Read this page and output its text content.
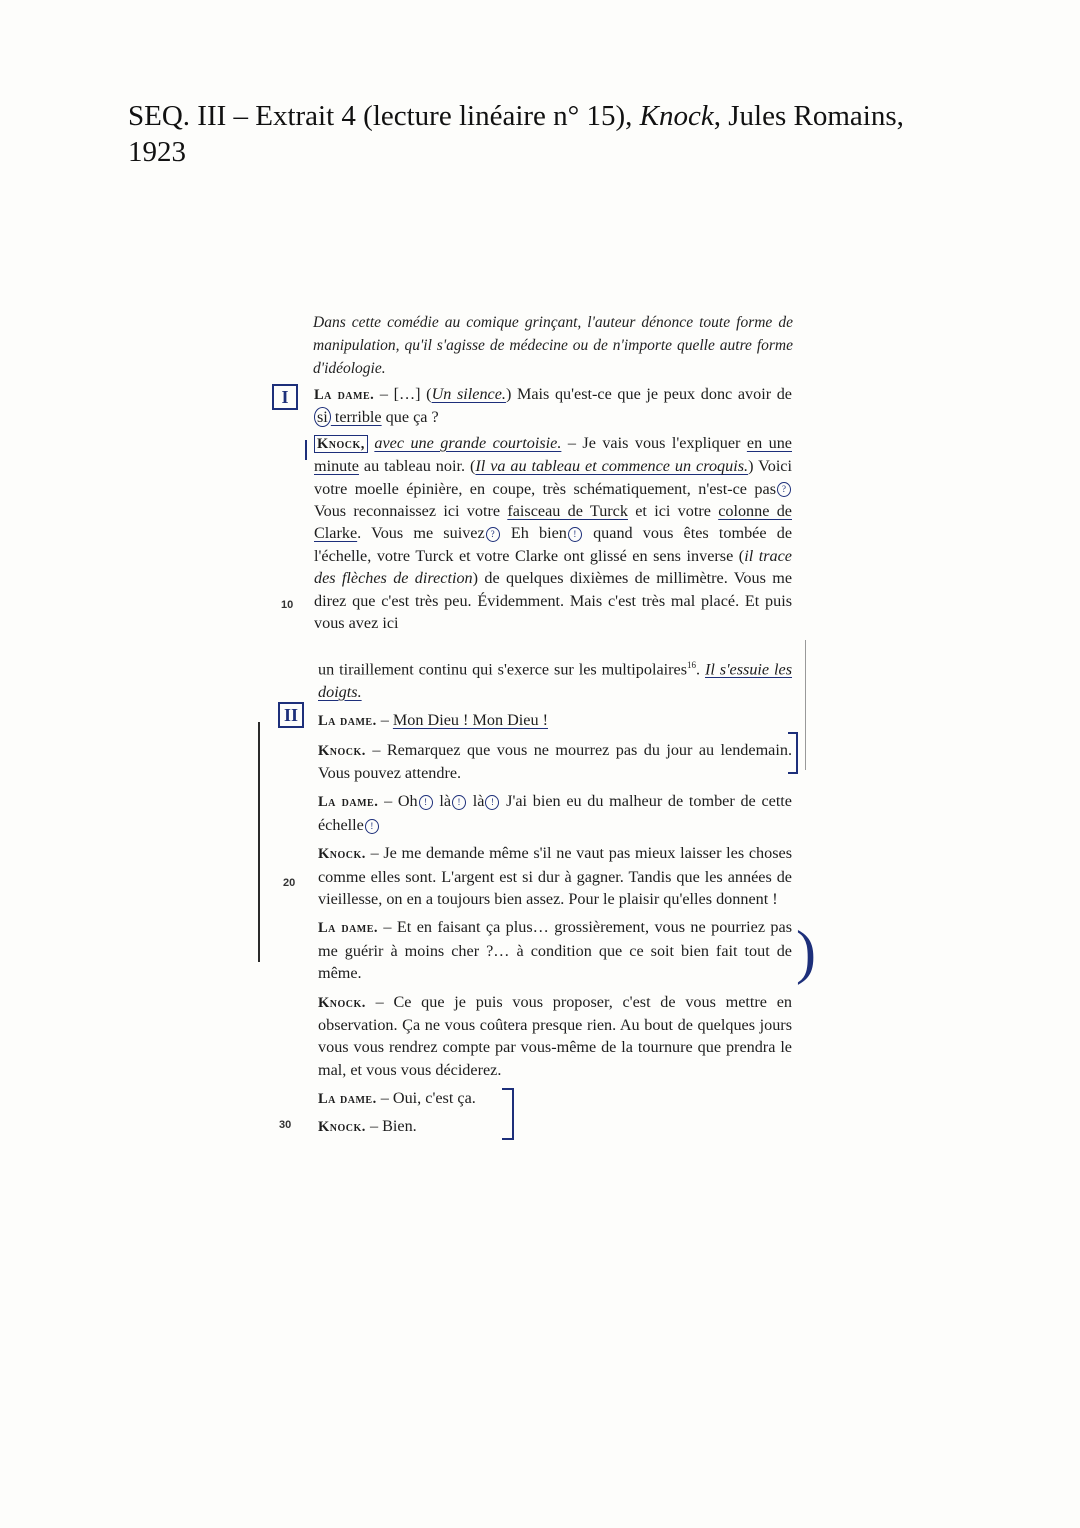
SEQ. III – Extrait 4 (lecture linéaire n° 15), Knock, Jules Romains, 1923
Dans cette comédie au comique grinçant, l'auteur dénonce toute forme de manipulation, qu'il s'agisse de médecine ou de n'importe quelle autre forme d'idéologie.
I
II
10
20
30
)
La dame. – […] (Un silence.) Mais qu'est-ce que je peux donc avoir de si terrible que ça ?
Knock, avec une grande courtoisie. – Je vais vous l'expliquer en une minute au tableau noir. (Il va au tableau et commence un croquis.) Voici votre moelle épinière, en coupe, très schématiquement, n'est-ce pas ? Vous reconnaissez ici votre faisceau de Turck et ici votre colonne de Clarke. Vous me suivez ? Eh bien ! quand vous êtes tombée de l'échelle, votre Turck et votre Clarke ont glissé en sens inverse (il trace des flèches de direction) de quelques dixièmes de millimètre. Vous me direz que c'est très peu. Évidemment. Mais c'est très mal placé. Et puis vous avez ici
un tiraillement continu qui s'exerce sur les multipolaires$^{16}$. Il s'essuie les doigts.
La dame. – Mon Dieu ! Mon Dieu !
Knock. – Remarquez que vous ne mourrez pas du jour au lendemain. Vous pouvez attendre.
La dame. – Oh ! là ! là ! J'ai bien eu du malheur de tomber de cette échelle !
Knock. – Je me demande même s'il ne vaut pas mieux laisser les choses comme elles sont. L'argent est si dur à gagner. Tandis que les années de vieillesse, on en a toujours bien assez. Pour le plaisir qu'elles donnent !
La dame. – Et en faisant ça plus… grossièrement, vous ne pourriez pas me guérir à moins cher ?… à condition que ce soit bien fait tout de même.
Knock. – Ce que je puis vous proposer, c'est de vous mettre en observation. Ça ne vous coûtera presque rien. Au bout de quelques jours vous vous rendrez compte par vous-même de la tournure que prendra le mal, et vous vous déciderez.
La dame. – Oui, c'est ça.
Knock. – Bien.
